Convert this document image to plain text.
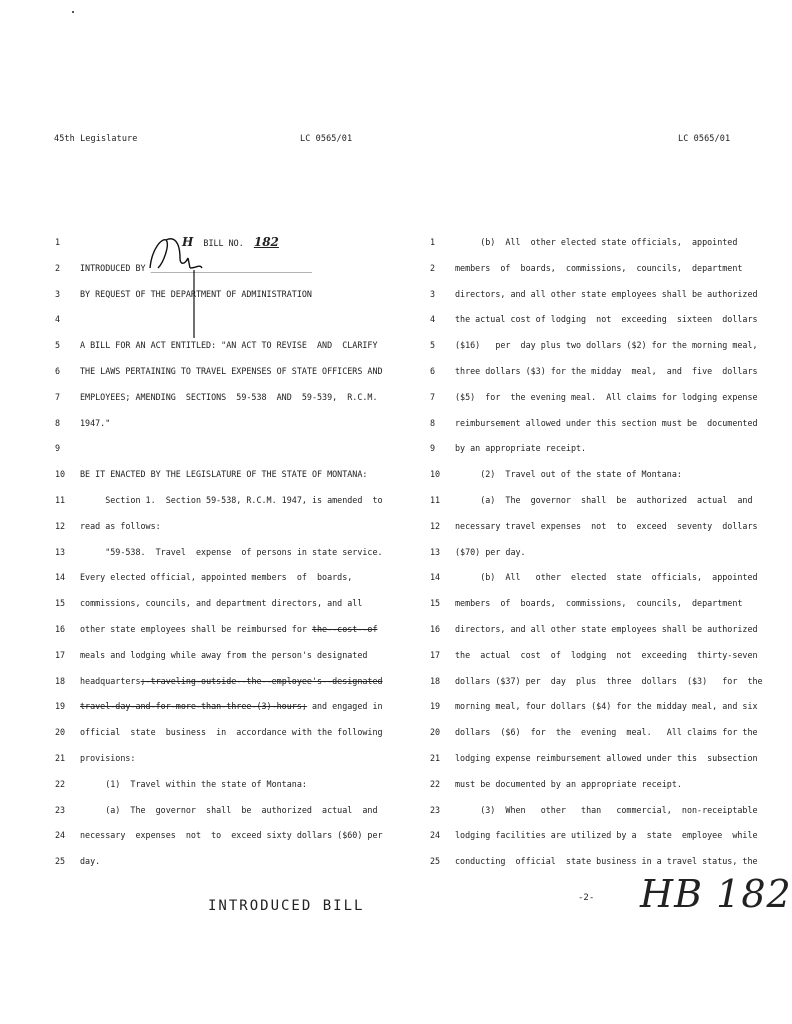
45th Legislature	LC 0565/01	LC 0565/01
1	H  BILL NO.  182
2	INTRODUCED BY ________________________________
3	BY REQUEST OF THE DEPARTMENT OF ADMINISTRATION
4
5	A BILL FOR AN ACT ENTITLED: "AN ACT TO REVISE  AND  CLARIFY
6	THE LAWS PERTAINING TO TRAVEL EXPENSES OF STATE OFFICERS AND
7	EMPLOYEES; AMENDING  SECTIONS  59-538  AND  59-539,  R.C.M.
8	1947."
9
10	BE IT ENACTED BY THE LEGISLATURE OF THE STATE OF MONTANA:
11	Section 1.  Section 59-538, R.C.M. 1947, is amended  to
12	read as follows:
13	"59-538.  Travel  expense  of persons in state service.
14	Every elected official, appointed members  of  boards,
15	commissions, councils, and department directors, and all
16	other state employees shall be reimbursed for the--cost--of
17	meals and lodging while away from the person's designated
18	headquarters;-traveling-outside--the--employee's--designated
19	travel-day-and-for-more-than-three-(3)-hours; and engaged in
20	official  state  business  in  accordance with the following
21	provisions:
22	(1)  Travel within the state of Montana:
23	(a)  The  governor  shall  be  authorized  actual  and
24	necessary  expenses  not  to  exceed sixty dollars ($60) per
25	day.
1	(b)  All  other elected state officials,  appointed
2	members  of  boards,  commissions,  councils,  department
3	directors, and all other state employees shall be authorized
4	the actual cost of lodging  not  exceeding  sixteen  dollars
5	($16)   per  day plus two dollars ($2) for the morning meal,
6	three dollars ($3) for the midday  meal,  and  five  dollars
7	($5)  for  the evening meal.  All claims for lodging expense
8	reimbursement allowed under this section must be  documented
9	by an appropriate receipt.
10	(2)  Travel out of the state of Montana:
11	(a)  The  governor  shall  be  authorized  actual  and
12	necessary travel expenses  not  to  exceed  seventy  dollars
13	($70) per day.
14	(b)  All   other  elected  state  officials,  appointed
15	members  of  boards,  commissions,  councils,  department
16	directors, and all other state employees shall be authorized
17	the  actual  cost  of  lodging  not  exceeding  thirty-seven
18	dollars ($37) per  day  plus  three  dollars  ($3)   for  the
19	morning meal, four dollars ($4) for the midday meal, and six
20	dollars  ($6)  for  the  evening  meal.   All claims for the
21	lodging expense reimbursement allowed under this  subsection
22	must be documented by an appropriate receipt.
23	(3)  When   other   than   commercial,  non-receiptable
24	lodging facilities are utilized by a  state  employee  while
25	conducting  official  state business in a travel status, the
INTRODUCED BILL	-2- HB 182
